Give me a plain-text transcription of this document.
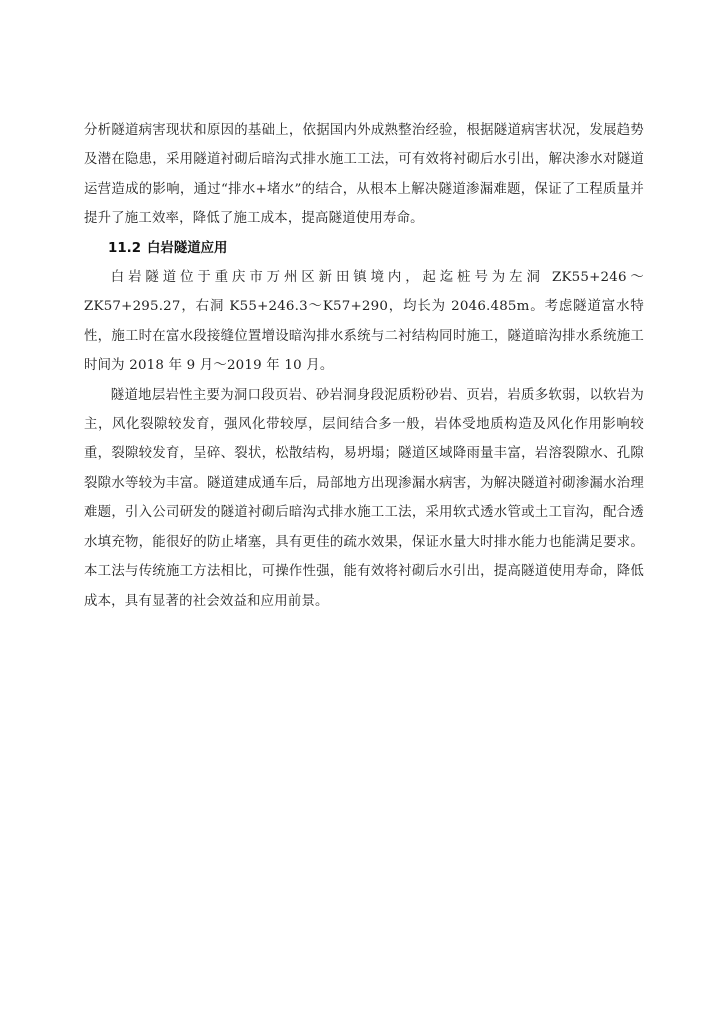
分析隧道病害现状和原因的基础上，依据国内外成熟整治经验，根据隧道病害状况，发展趋势及潜在隐患，采用隧道衬砌后暗沟式排水施工工法，可有效将衬砌后水引出，解决渗水对隧道运营造成的影响，通过“排水+堵水”的结合，从根本上解决隧道渗漏难题，保证了工程质量并提升了施工效率，降低了施工成本，提高隧道使用寿命。

11.2 白岩隧道应用

白岩隧道位于重庆市万州区新田镇境内，起迄桩号为左洞 ZK55+246～ZK57+295.27，右洞 K55+246.3～K57+290，均长为 2046.485m。考虑隧道富水特性，施工时在富水段接缝位置增设暗沟排水系统与二衬结构同时施工，隧道暗沟排水系统施工时间为 2018 年 9 月～2019 年 10 月。

隧道地层岩性主要为洞口段页岩、砂岩洞身段泥质粉砂岩、页岩，岩质多软弱，以软岩为主，风化裂隙较发育，强风化带较厚，层间结合多一般，岩体受地质构造及风化作用影响较重，裂隙较发育，呈碎、裂状，松散结构，易坍塌；隧道区域降雨量丰富，岩溶裂隙水、孔隙裂隙水等较为丰富。隧道建成通车后，局部地方出现渗漏水病害，为解决隧道衬砌渗漏水治理难题，引入公司研发的隧道衬砌后暗沟式排水施工工法，采用软式透水管或土工盲沟，配合透水填充物，能很好的防止堵塞，具有更佳的疏水效果，保证水量大时排水能力也能满足要求。本工法与传统施工方法相比，可操作性强，能有效将衬砌后水引出，提高隧道使用寿命，降低成本，具有显著的社会效益和应用前景。
